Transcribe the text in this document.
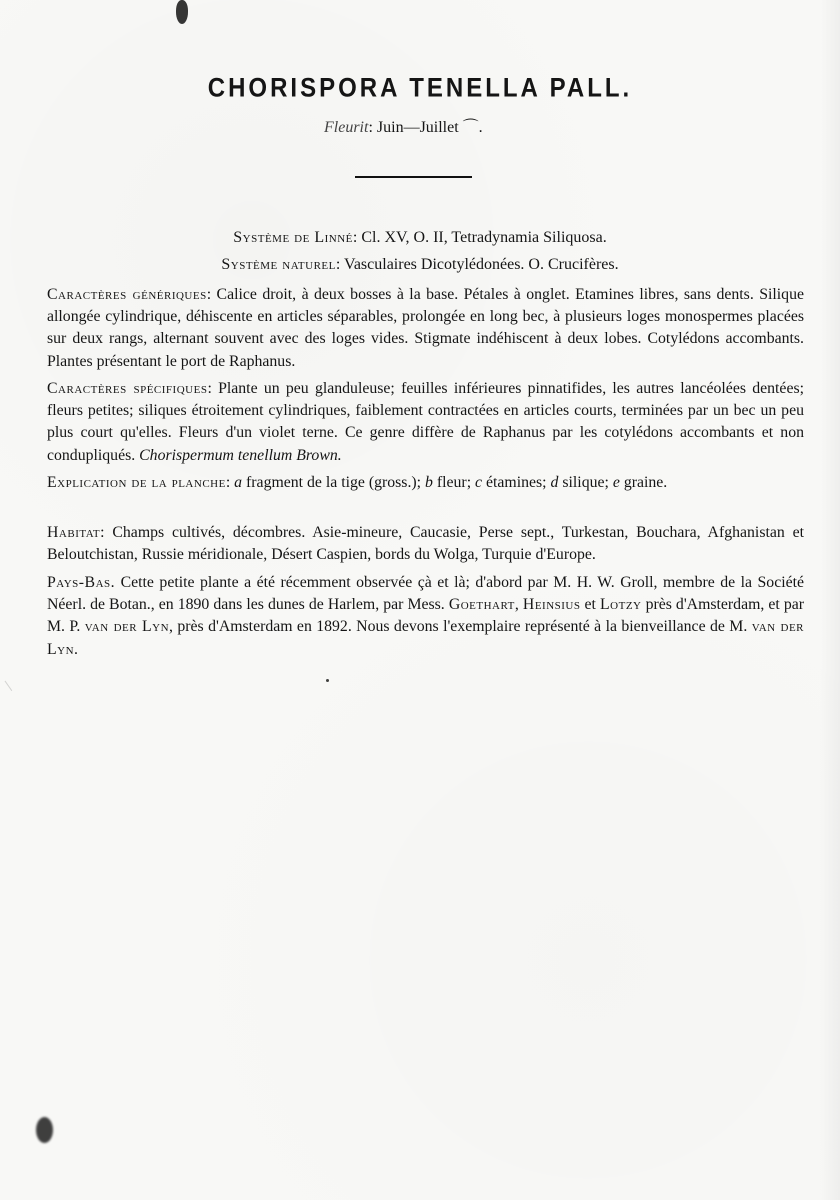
CHORISPORA TENELLA PALL.
Fleurit: Juin—Juillet ⌒.

Système de Linné: Cl. XV, O. II, Tetradynamia Siliquosa.

Système naturel: Vasculaires Dicotylédonées. O. Crucifères.

Caractères génériques: Calice droit, à deux bosses à la base. Pétales à onglet. Etamines libres, sans dents. Silique allongée cylindrique, déhiscente en articles séparables, prolongée en long bec, à plusieurs loges monospermes placées sur deux rangs, alternant souvent avec des loges vides. Stigmate indéhiscent à deux lobes. Cotylédons accombants. Plantes présentant le port de Raphanus.

Caractères spécifiques: Plante un peu glanduleuse; feuilles inférieures pinnatifides, les autres lancéolées dentées; fleurs petites; siliques étroitement cylindriques, faiblement contractées en articles courts, terminées par un bec un peu plus court qu'elles. Fleurs d'un violet terne. Ce genre diffère de Raphanus par les cotylédons accombants et non condupliqués. Chorispermum tenellum Brown.

Explication de la planche: a fragment de la tige (gross.); b fleur; c étamines; d silique; e graine.

Habitat: Champs cultivés, décombres. Asie-mineure, Caucasie, Perse sept., Turkestan, Bouchara, Afghanistan et Beloutchistan, Russie méridionale, Désert Caspien, bords du Wolga, Turquie d'Europe.

Pays-Bas. Cette petite plante a été récemment observée çà et là; d'abord par M. H. W. Groll, membre de la Société Néerl. de Botan., en 1890 dans les dunes de Harlem, par Mess. Goethart, Heinsius et Lotzy près d'Amsterdam, et par M. P. van der Lyn, près d'Amsterdam en 1892. Nous devons l'exemplaire représenté à la bienveillance de M. van der Lyn.
